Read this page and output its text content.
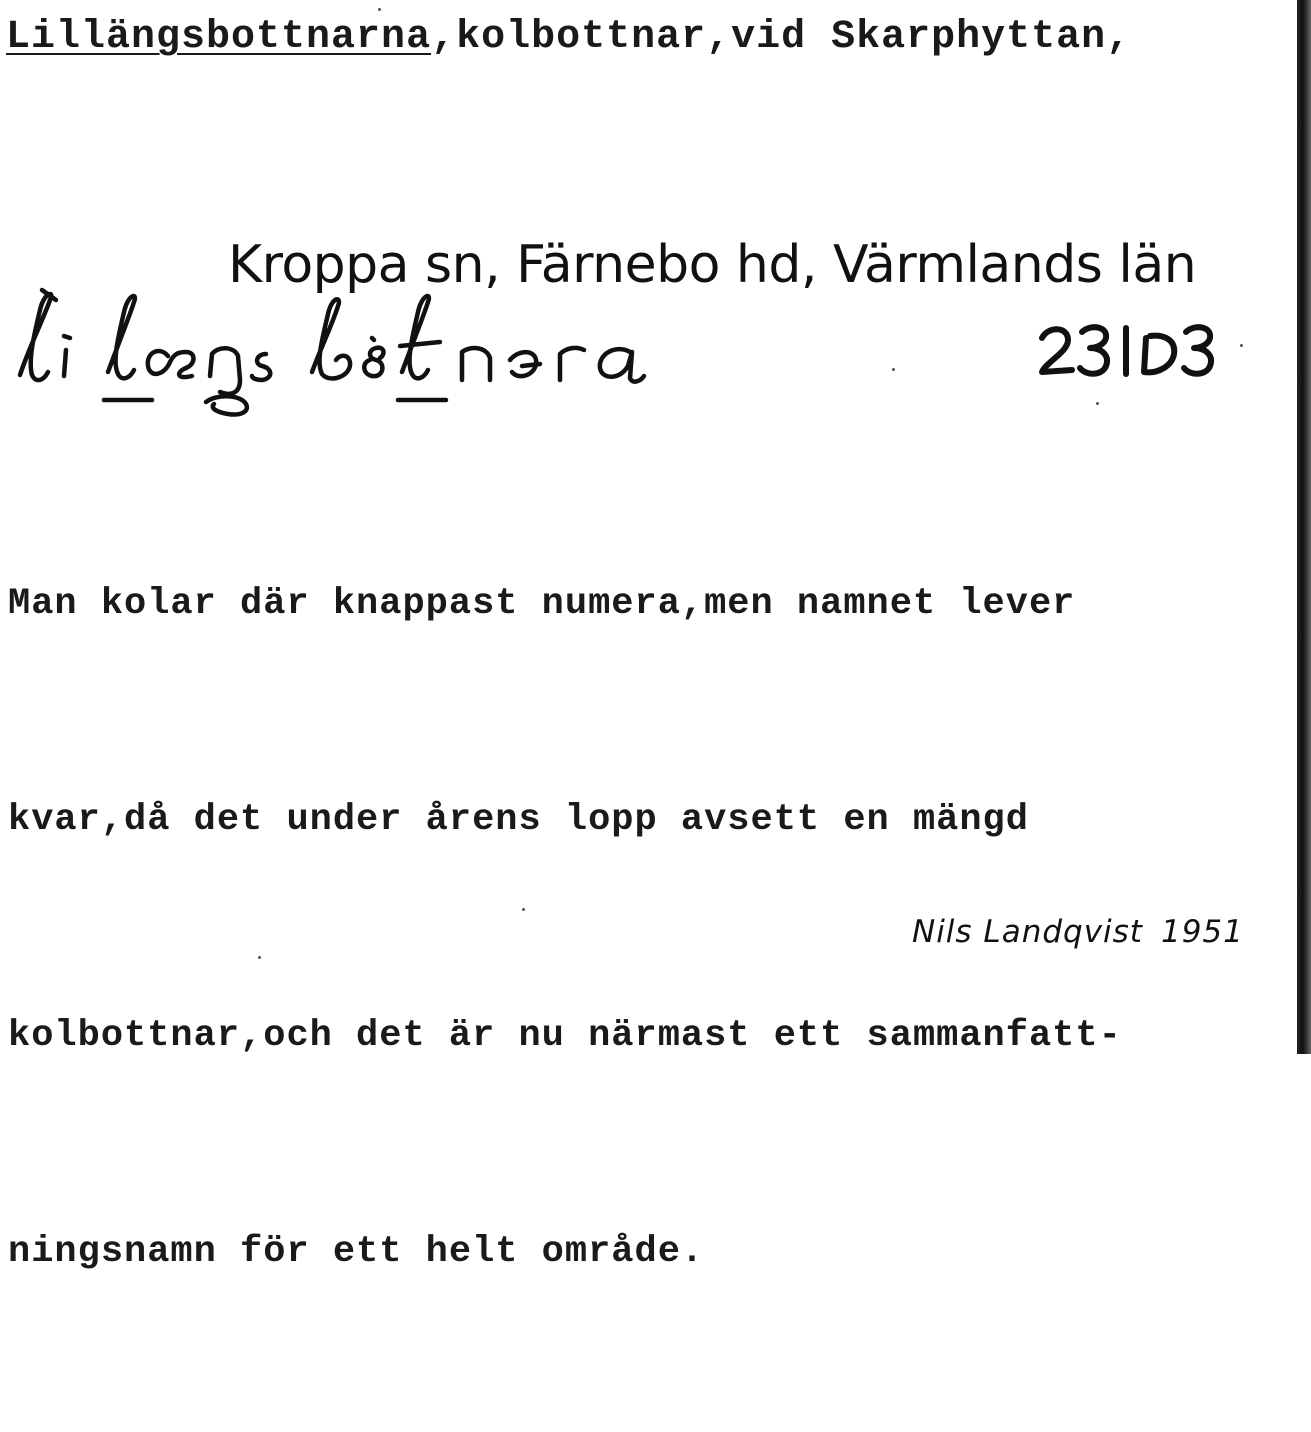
Lillängsbottnarna,kolbottnar,vid Skarphyttan,
Kroppa sn, Färnebo hd, Värmlands län

Man kolar där knappast numera,men namnet lever

kvar,då det under årens lopp avsett en mängd

kolbottnar,och det är nu närmast ett sammanfatt-

ningsnamn för ett helt område.

Nils Landqvist 1951
